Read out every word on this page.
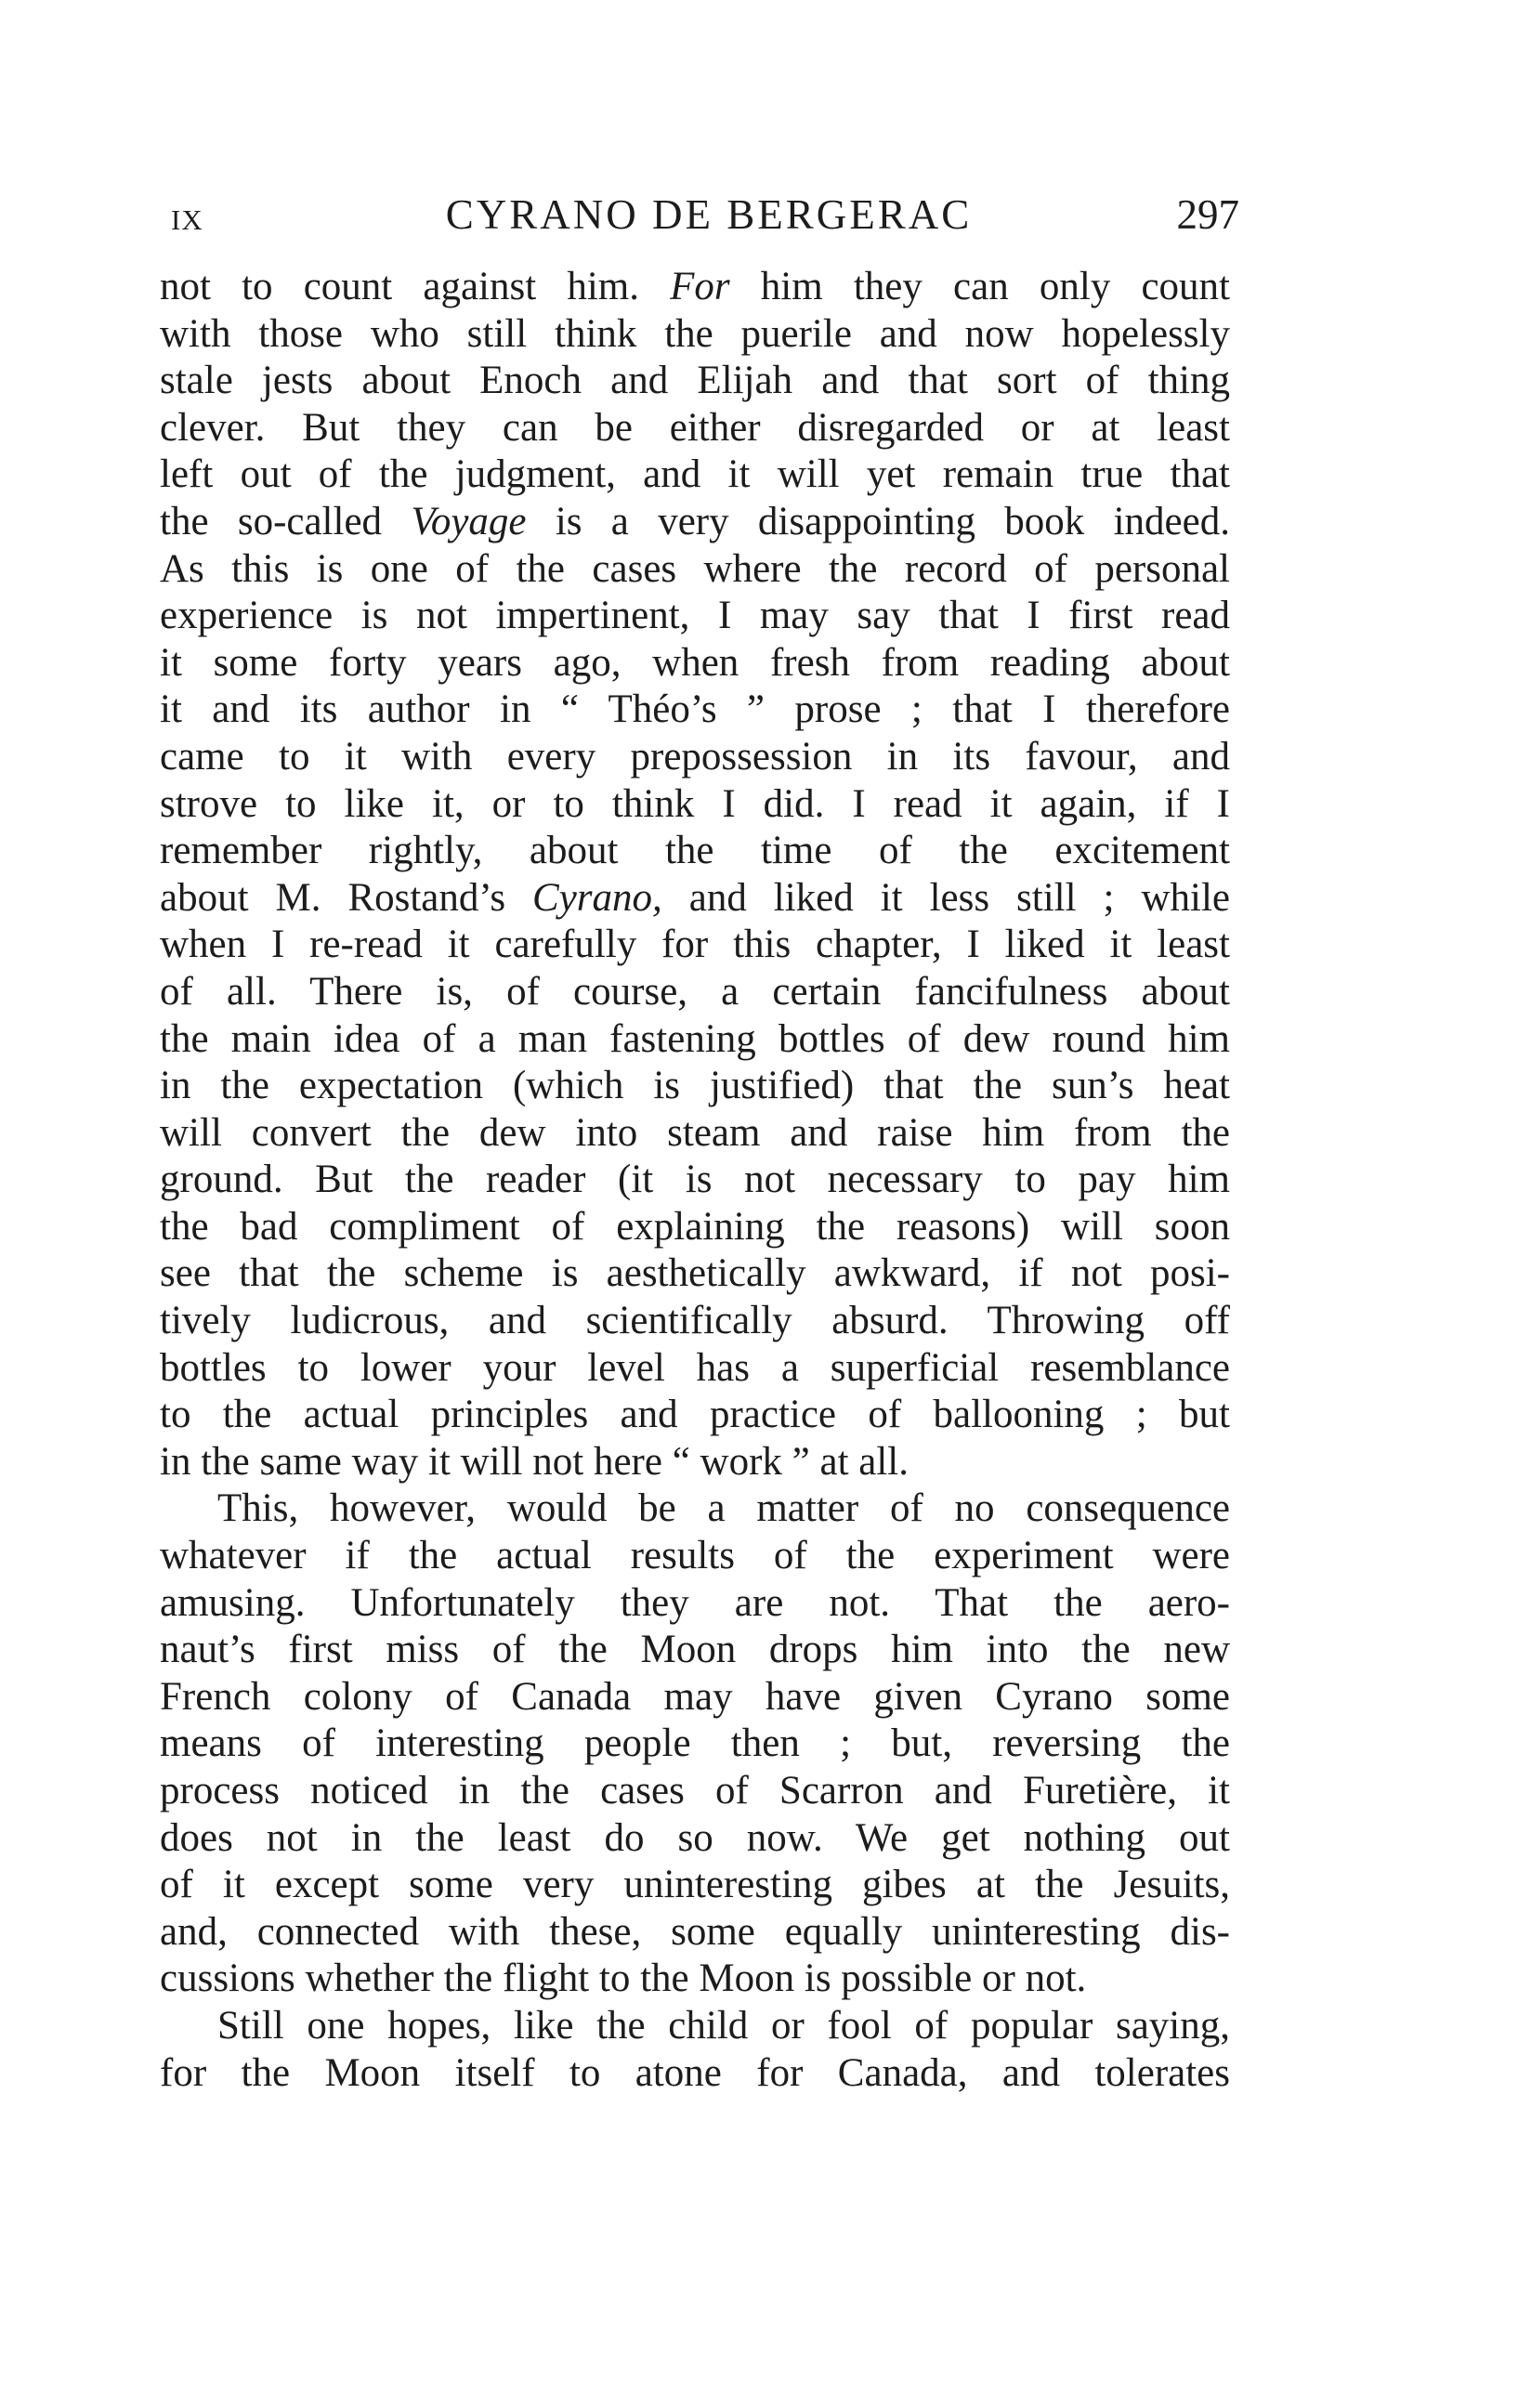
IX	CYRANO DE BERGERAC	297
not to count against him. For him they can only count
with those who still think the puerile and now hopelessly
stale jests about Enoch and Elijah and that sort of thing
clever. But they can be either disregarded or at least
left out of the judgment, and it will yet remain true that
the so-called Voyage is a very disappointing book indeed.
As this is one of the cases where the record of personal
experience is not impertinent, I may say that I first read
it some forty years ago, when fresh from reading about
it and its author in “ Théo’s ” prose ; that I therefore
came to it with every prepossession in its favour, and
strove to like it, or to think I did. I read it again, if I
remember rightly, about the time of the excitement
about M. Rostand’s Cyrano, and liked it less still ; while
when I re-read it carefully for this chapter, I liked it least
of all. There is, of course, a certain fancifulness about
the main idea of a man fastening bottles of dew round him
in the expectation (which is justified) that the sun’s heat
will convert the dew into steam and raise him from the
ground. But the reader (it is not necessary to pay him
the bad compliment of explaining the reasons) will soon
see that the scheme is aesthetically awkward, if not posi-
tively ludicrous, and scientifically absurd. Throwing off
bottles to lower your level has a superficial resemblance
to the actual principles and practice of ballooning ; but
in the same way it will not here “ work ” at all.
This, however, would be a matter of no consequence
whatever if the actual results of the experiment were
amusing. Unfortunately they are not. That the aero-
naut’s first miss of the Moon drops him into the new
French colony of Canada may have given Cyrano some
means of interesting people then ; but, reversing the
process noticed in the cases of Scarron and Furetière, it
does not in the least do so now. We get nothing out
of it except some very uninteresting gibes at the Jesuits,
and, connected with these, some equally uninteresting dis-
cussions whether the flight to the Moon is possible or not.
Still one hopes, like the child or fool of popular saying,
for the Moon itself to atone for Canada, and tolerates
